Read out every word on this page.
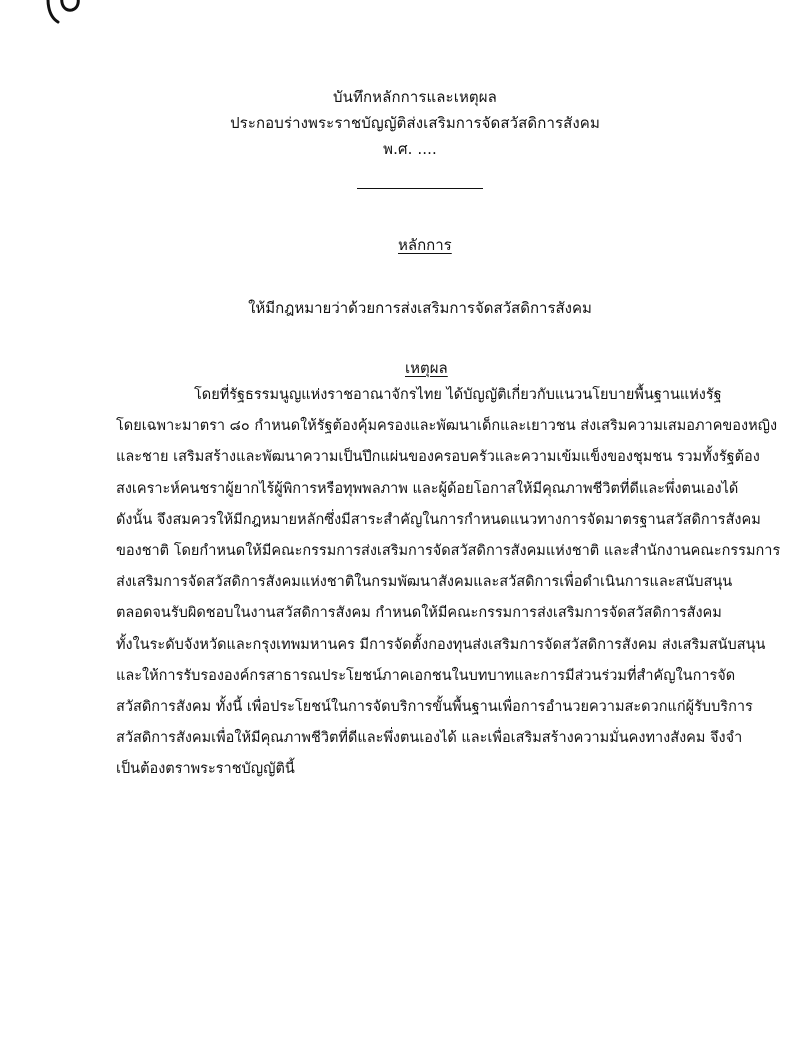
บันทึกหลักการและเหตุผล
ประกอบร่างพระราชบัญญัติส่งเสริมการจัดสวัสดิการสังคม
พ.ศ. ....
หลักการ
ให้มีกฎหมายว่าด้วยการส่งเสริมการจัดสวัสดิการสังคม
เหตุผล
โดยที่รัฐธรรมนูญแห่งราชอาณาจักรไทย ได้บัญญัติเกี่ยวกับแนวนโยบายพื้นฐานแห่งรัฐ
โดยเฉพาะมาตรา ๘๐ กำหนดให้รัฐต้องคุ้มครองและพัฒนาเด็กและเยาวชน ส่งเสริมความเสมอภาคของหญิง
และชาย เสริมสร้างและพัฒนาความเป็นปึกแผ่นของครอบครัวและความเข้มแข็งของชุมชน รวมทั้งรัฐต้อง
สงเคราะห์คนชราผู้ยากไร้ผู้พิการหรือทุพพลภาพ และผู้ด้อยโอกาสให้มีคุณภาพชีวิตที่ดีและพึ่งตนเองได้
ดังนั้น จึงสมควรให้มีกฎหมายหลักซึ่งมีสาระสำคัญในการกำหนดแนวทางการจัดมาตรฐานสวัสดิการสังคม
ของชาติ โดยกำหนดให้มีคณะกรรมการส่งเสริมการจัดสวัสดิการสังคมแห่งชาติ และสำนักงานคณะกรรมการ
ส่งเสริมการจัดสวัสดิการสังคมแห่งชาติในกรมพัฒนาสังคมและสวัสดิการเพื่อดำเนินการและสนับสนุน
ตลอดจนรับผิดชอบในงานสวัสดิการสังคม กำหนดให้มีคณะกรรมการส่งเสริมการจัดสวัสดิการสังคม
ทั้งในระดับจังหวัดและกรุงเทพมหานคร มีการจัดตั้งกองทุนส่งเสริมการจัดสวัสดิการสังคม ส่งเสริมสนับสนุน
และให้การรับรององค์กรสาธารณประโยชน์ภาคเอกชนในบทบาทและการมีส่วนร่วมที่สำคัญในการจัด
สวัสดิการสังคม ทั้งนี้ เพื่อประโยชน์ในการจัดบริการขั้นพื้นฐานเพื่อการอำนวยความสะดวกแก่ผู้รับบริการ
สวัสดิการสังคมเพื่อให้มีคุณภาพชีวิตที่ดีและพึ่งตนเองได้ และเพื่อเสริมสร้างความมั่นคงทางสังคม จึงจำ
เป็นต้องตราพระราชบัญญัตินี้
